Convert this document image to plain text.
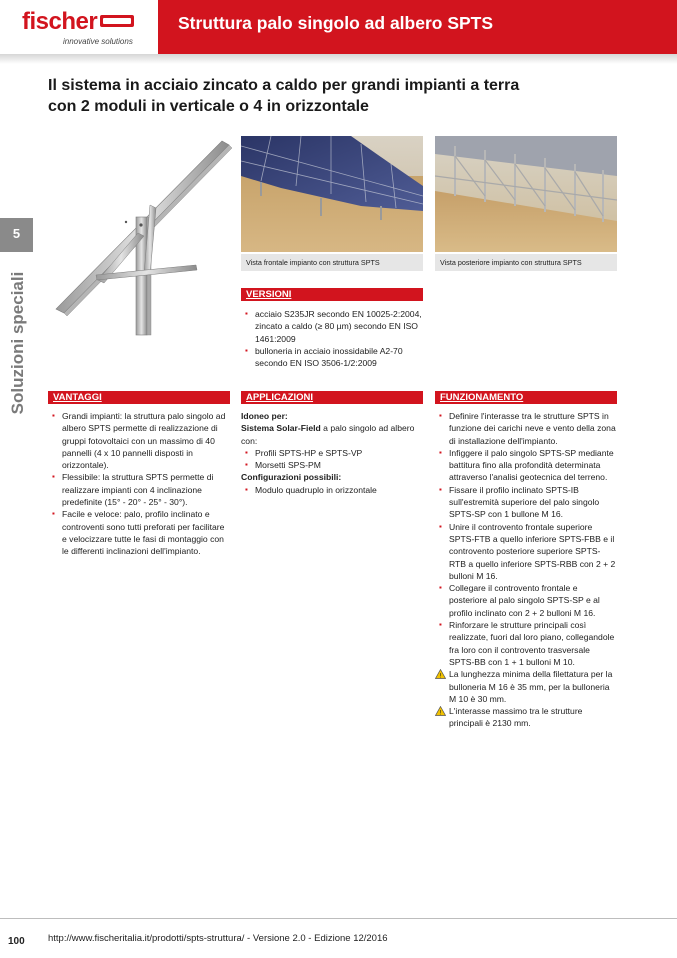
fischer
innovative solutions
Struttura palo singolo ad albero SPTS
Il sistema in acciaio zincato a caldo per grandi impianti a terra
con 2 moduli in verticale o 4 in orizzontale
5
Soluzioni speciali
Vista frontale impianto con struttura SPTS	Vista posteriore impianto con struttura SPTS
VERSIONI
▪ acciaio S235JR secondo EN 10025-2:2004, zincato a caldo (≥ 80 µm) secondo EN ISO 1461:2009
▪ bulloneria in acciaio inossidabile A2-70 secondo EN ISO 3506-1/2:2009
VANTAGGI
▪ Grandi impianti: la struttura palo singolo ad albero SPTS permette di realizzazione di gruppi fotovoltaici con un massimo di 40 pannelli (4 x 10 pannelli disposti in orizzontale).
▪ Flessibile: la struttura SPTS permette di realizzare impianti con 4 inclinazione predefinite (15° - 20° - 25° - 30°).
▪ Facile e veloce: palo, profilo inclinato e controventi sono tutti preforati per facilitare e velocizzare tutte le fasi di montaggio con le differenti inclinazioni dell'impianto.
APPLICAZIONI
Idoneo per:
Sistema Solar-Field a palo singolo ad albero con:
▪ Profili SPTS-HP e SPTS-VP
▪ Morsetti SPS-PM
Configurazioni possibili:
▪ Modulo quadruplo in orizzontale
FUNZIONAMENTO
▪ Definire l'interasse tra le strutture SPTS in funzione dei carichi neve e vento della zona di installazione dell'impianto.
▪ Infiggere il palo singolo SPTS-SP mediante battitura fino alla profondità determinata attraverso l'analisi geotecnica del terreno.
▪ Fissare il profilo inclinato SPTS-IB sull'estremità superiore del palo singolo SPTS-SP con 1 bullone M 16.
▪ Unire il controvento frontale superiore SPTS-FTB a quello inferiore SPTS-FBB e il controvento posteriore superiore SPTS-RTB a quello inferiore SPTS-RBB con 2 + 2 bulloni M 16.
▪ Collegare il controvento frontale e posteriore al palo singolo SPTS-SP e al profilo inclinato con 2 + 2 bulloni M 16.
▪ Rinforzare le strutture principali così realizzate, fuori dal loro piano, collegandole fra loro con il controvento trasversale SPTS-BB con 1 + 1 bulloni M 10.
! La lunghezza minima della filettatura per la bulloneria M 16 è 35 mm, per la bulloneria M 10 è 30 mm.
! L'interasse massimo tra le strutture principali è 2130 mm.
100 http://www.fischeritalia.it/prodotti/spts-struttura/ - Versione 2.0 - Edizione 12/2016
